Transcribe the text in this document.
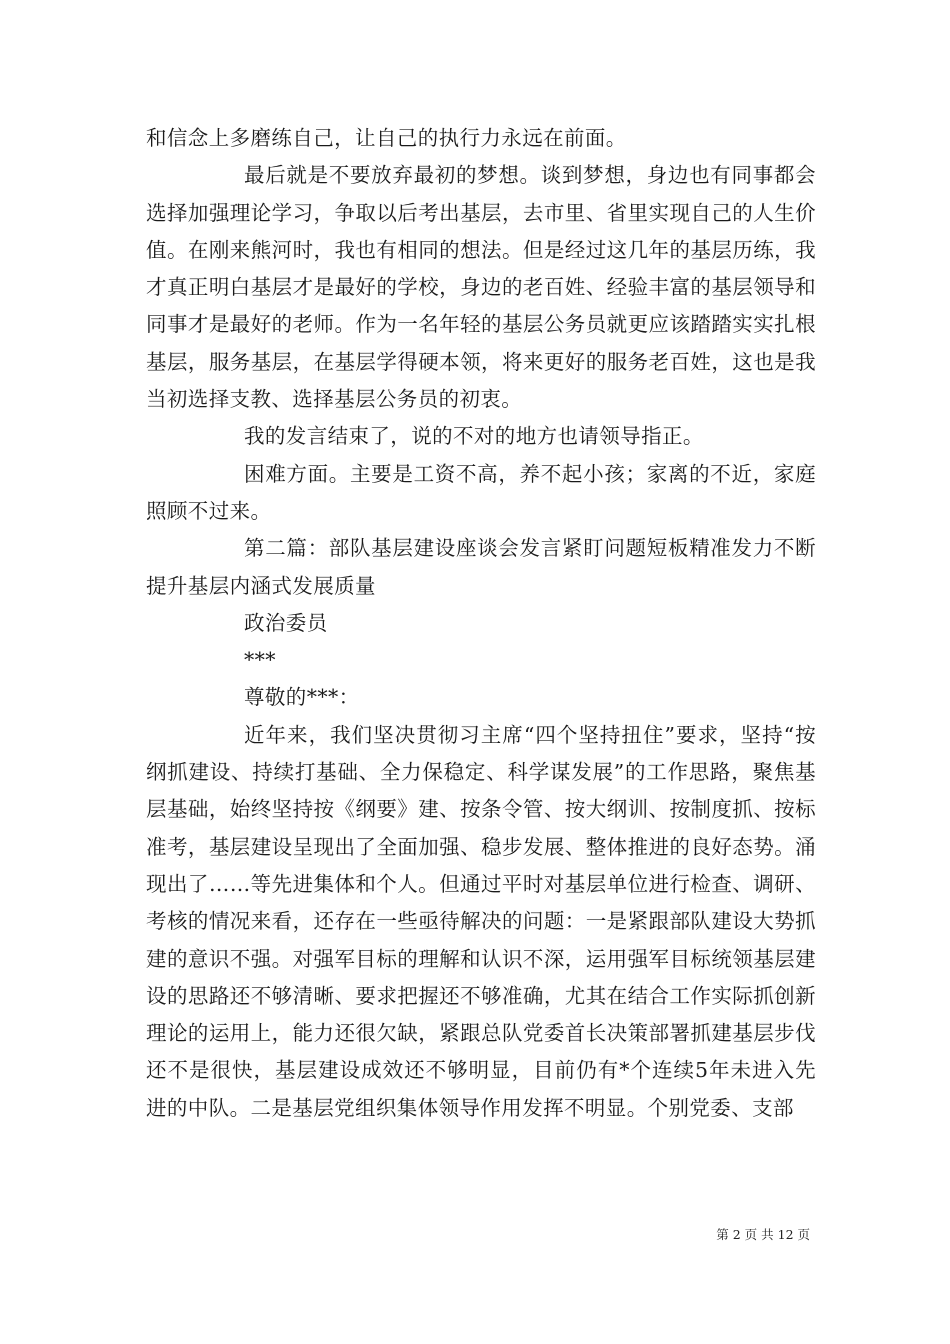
和信念上多磨练自己，让自己的执行力永远在前面。

最后就是不要放弃最初的梦想。谈到梦想，身边也有同事都会选择加强理论学习，争取以后考出基层，去市里、省里实现自己的人生价值。在刚来熊河时，我也有相同的想法。但是经过这几年的基层历练，我才真正明白基层才是最好的学校，身边的老百姓、经验丰富的基层领导和同事才是最好的老师。作为一名年轻的基层公务员就更应该踏踏实实扎根基层，服务基层，在基层学得硬本领，将来更好的服务老百姓，这也是我当初选择支教、选择基层公务员的初衷。

我的发言结束了，说的不对的地方也请领导指正。

困难方面。主要是工资不高，养不起小孩；家离的不近，家庭照顾不过来。

第二篇：部队基层建设座谈会发言紧盯问题短板精准发力不断提升基层内涵式发展质量

政治委员

***

尊敬的***：

近年来，我们坚决贯彻习主席“四个坚持扭住”要求，坚持“按纲抓建设、持续打基础、全力保稳定、科学谋发展”的工作思路，聚焦基层基础，始终坚持按《纲要》建、按条令管、按大纲训、按制度抓、按标准考，基层建设呈现出了全面加强、稳步发展、整体推进的良好态势。涌现出了……等先进集体和个人。但通过平时对基层单位进行检查、调研、考核的情况来看，还存在一些亟待解决的问题：一是紧跟部队建设大势抓建的意识不强。对强军目标的理解和认识不深，运用强军目标统领基层建设的思路还不够清晰、要求把握还不够准确，尤其在结合工作实际抓创新理论的运用上，能力还很欠缺，紧跟总队党委首长决策部署抓建基层步伐还不是很快，基层建设成效还不够明显，目前仍有*个连续5年未进入先进的中队。二是基层党组织集体领导作用发挥不明显。个别党委、支部

第 2 页 共 12 页
